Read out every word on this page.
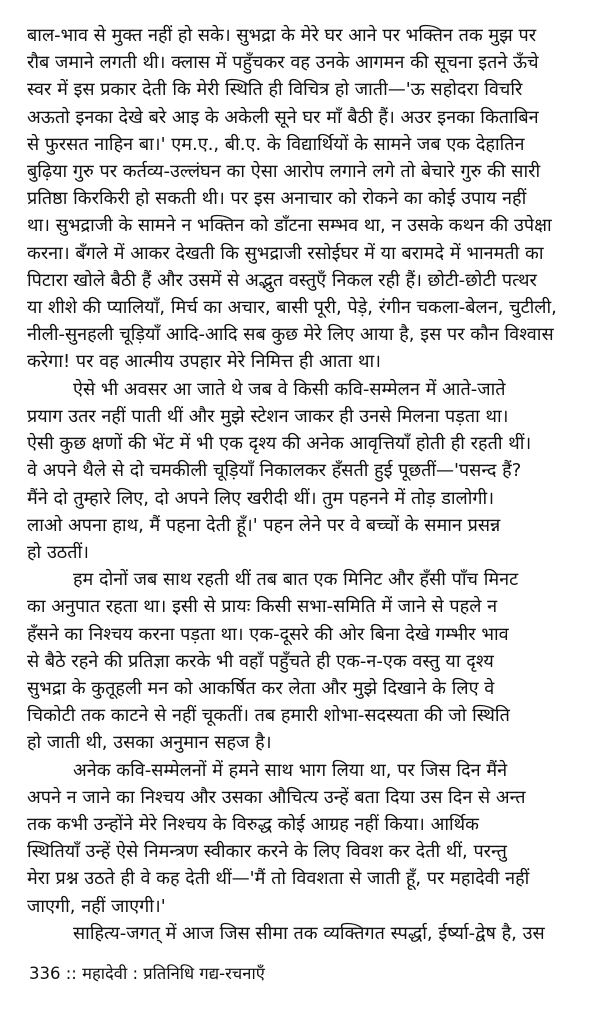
बाल-भाव से मुक्त नहीं हो सके। सुभद्रा के मेरे घर आने पर भक्तिन तक मुझ पर
रौब जमाने लगती थी। क्लास में पहुँचकर वह उनके आगमन की सूचना इतने ऊँचे
स्वर में इस प्रकार देती कि मेरी स्थिति ही विचित्र हो जाती—'ऊ सहोदरा विचरि
अऊतो इनका देखे बरे आइ के अकेली सूने घर माँ बैठी हैं। अउर इनका किताबिन
से फुरसत नाहिन बा।' एम.ए., बी.ए. के विद्यार्थियों के सामने जब एक देहातिन
बुढ़िया गुरु पर कर्तव्य-उल्लंघन का ऐसा आरोप लगाने लगे तो बेचारे गुरु की सारी
प्रतिष्ठा किरकिरी हो सकती थी। पर इस अनाचार को रोकने का कोई उपाय नहीं
था। सुभद्राजी के सामने न भक्तिन को डाँटना सम्भव था, न उसके कथन की उपेक्षा
करना। बँगले में आकर देखती कि सुभद्राजी रसोईघर में या बरामदे में भानमती का
पिटारा खोले बैठी हैं और उसमें से अद्भुत वस्तुएँ निकल रही हैं। छोटी-छोटी पत्थर
या शीशे की प्यालियाँ, मिर्च का अचार, बासी पूरी, पेड़े, रंगीन चकला-बेलन, चुटीली,
नीली-सुनहली चूड़ियाँ आदि-आदि सब कुछ मेरे लिए आया है, इस पर कौन विश्वास
करेगा! पर वह आत्मीय उपहार मेरे निमित्त ही आता था।
ऐसे भी अवसर आ जाते थे जब वे किसी कवि-सम्मेलन में आते-जाते
प्रयाग उतर नहीं पाती थीं और मुझे स्टेशन जाकर ही उनसे मिलना पड़ता था।
ऐसी कुछ क्षणों की भेंट में भी एक दृश्य की अनेक आवृत्तियाँ होती ही रहती थीं।
वे अपने थैले से दो चमकीली चूड़ियाँ निकालकर हँसती हुई पूछतीं—'पसन्द हैं?
मैंने दो तुम्हारे लिए, दो अपने लिए खरीदी थीं। तुम पहनने में तोड़ डालोगी।
लाओ अपना हाथ, मैं पहना देती हूँ।' पहन लेने पर वे बच्चों के समान प्रसन्न
हो उठतीं।
हम दोनों जब साथ रहती थीं तब बात एक मिनिट और हँसी पाँच मिनट
का अनुपात रहता था। इसी से प्रायः किसी सभा-समिति में जाने से पहले न
हँसने का निश्चय करना पड़ता था। एक-दूसरे की ओर बिना देखे गम्भीर भाव
से बैठे रहने की प्रतिज्ञा करके भी वहाँ पहुँचते ही एक-न-एक वस्तु या दृश्य
सुभद्रा के कुतूहली मन को आकर्षित कर लेता और मुझे दिखाने के लिए वे
चिकोटी तक काटने से नहीं चूकतीं। तब हमारी शोभा-सदस्यता की जो स्थिति
हो जाती थी, उसका अनुमान सहज है।
अनेक कवि-सम्मेलनों में हमने साथ भाग लिया था, पर जिस दिन मैंने
अपने न जाने का निश्चय और उसका औचित्य उन्हें बता दिया उस दिन से अन्त
तक कभी उन्होंने मेरे निश्चय के विरुद्ध कोई आग्रह नहीं किया। आर्थिक
स्थितियाँ उन्हें ऐसे निमन्त्रण स्वीकार करने के लिए विवश कर देती थीं, परन्तु
मेरा प्रश्न उठते ही वे कह देती थीं—'मैं तो विवशता से जाती हूँ, पर महादेवी नहीं
जाएगी, नहीं जाएगी।'
साहित्य-जगत् में आज जिस सीमा तक व्यक्तिगत स्पर्द्धा, ईर्ष्या-द्वेष है, उस
336 :: महादेवी : प्रतिनिधि गद्य-रचनाएँ
